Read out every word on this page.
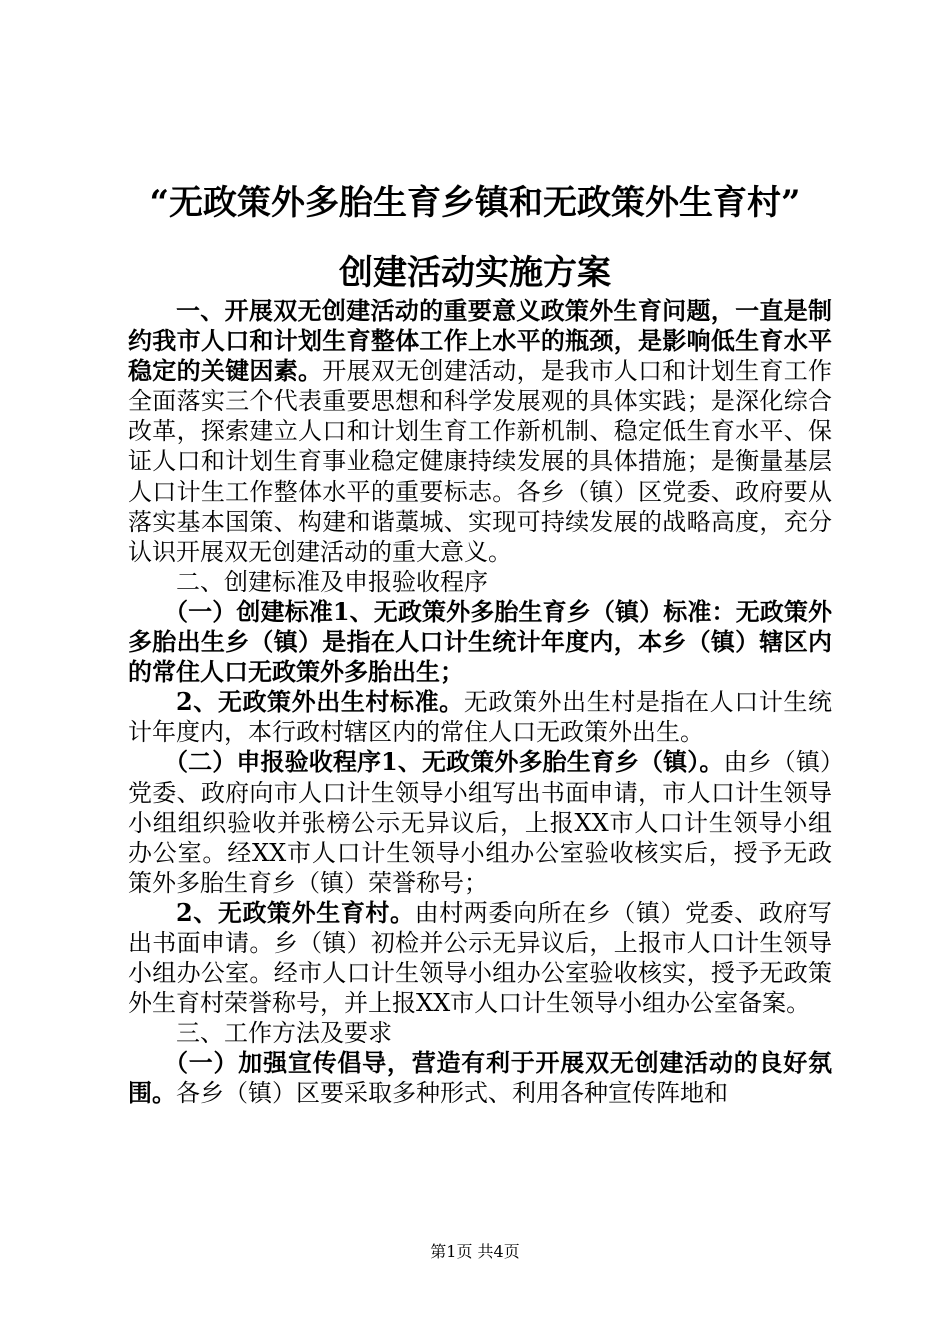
“无政策外多胎生育乡镇和无政策外生育村”
创建活动实施方案

一、开展双无创建活动的重要意义政策外生育问题，一直是制约我市人口和计划生育整体工作上水平的瓶颈，是影响低生育水平稳定的关键因素。开展双无创建活动，是我市人口和计划生育工作全面落实三个代表重要思想和科学发展观的具体实践；是深化综合改革，探索建立人口和计划生育工作新机制、稳定低生育水平、保证人口和计划生育事业稳定健康持续发展的具体措施；是衡量基层人口计生工作整体水平的重要标志。各乡（镇）区党委、政府要从落实基本国策、构建和谐藁城、实现可持续发展的战略高度，充分认识开展双无创建活动的重大意义。

二、创建标准及申报验收程序

（一）创建标准1、无政策外多胎生育乡（镇）标准：无政策外多胎出生乡（镇）是指在人口计生统计年度内，本乡（镇）辖区内的常住人口无政策外多胎出生；

2、无政策外出生村标准。无政策外出生村是指在人口计生统计年度内，本行政村辖区内的常住人口无政策外出生。

（二）申报验收程序1、无政策外多胎生育乡（镇）。由乡（镇）党委、政府向市人口计生领导小组写出书面申请，市人口计生领导小组组织验收并张榜公示无异议后，上报XX市人口计生领导小组办公室。经XX市人口计生领导小组办公室验收核实后，授予无政策外多胎生育乡（镇）荣誉称号；

2、无政策外生育村。由村两委向所在乡（镇）党委、政府写出书面申请。乡（镇）初检并公示无异议后，上报市人口计生领导小组办公室。经市人口计生领导小组办公室验收核实，授予无政策外生育村荣誉称号，并上报XX市人口计生领导小组办公室备案。

三、工作方法及要求

（一）加强宣传倡导，营造有利于开展双无创建活动的良好氛围。各乡（镇）区要采取多种形式、利用各种宣传阵地和

第1页 共4页
